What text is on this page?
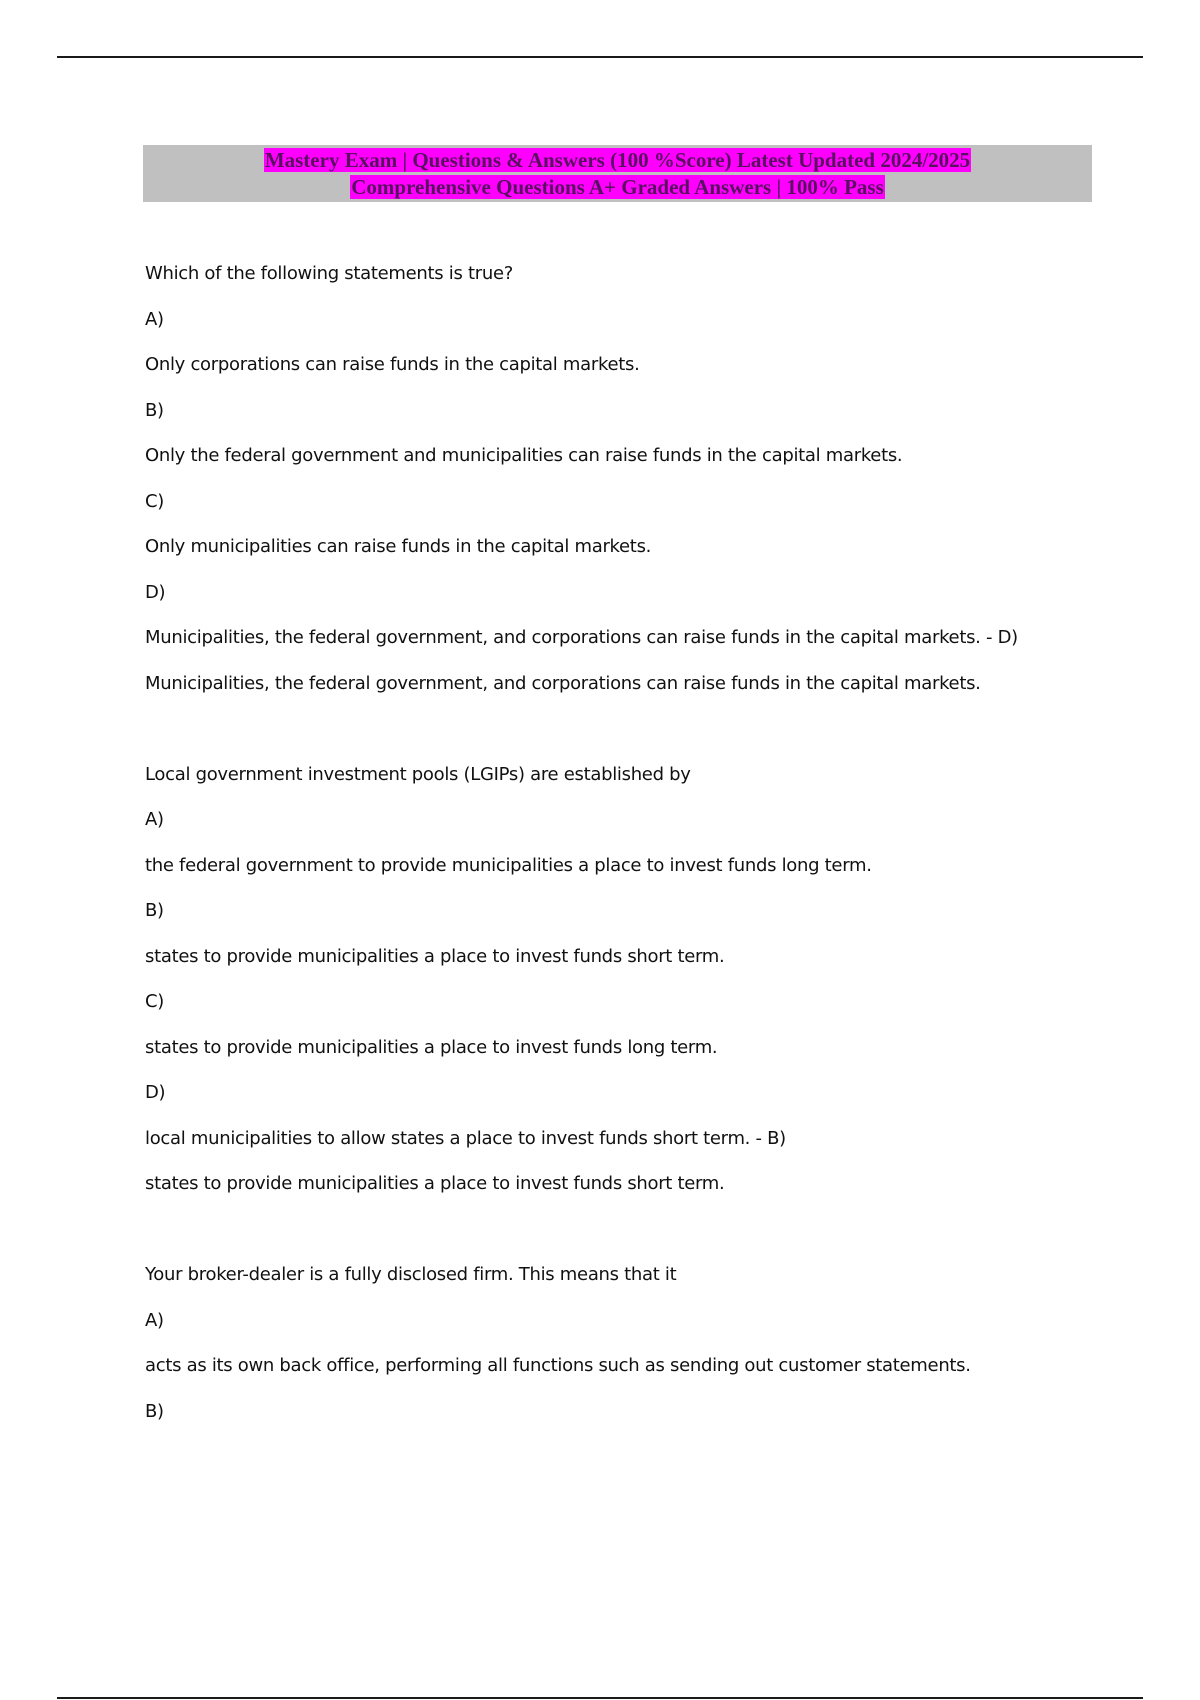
Mastery Exam | Questions & Answers (100 %Score) Latest Updated 2024/2025
Comprehensive Questions A+ Graded Answers | 100% Pass
Which of the following statements is true?
A)
Only corporations can raise funds in the capital markets.
B)
Only the federal government and municipalities can raise funds in the capital markets.
C)
Only municipalities can raise funds in the capital markets.
D)
Municipalities, the federal government, and corporations can raise funds in the capital markets. - D)
Municipalities, the federal government, and corporations can raise funds in the capital markets.
Local government investment pools (LGIPs) are established by
A)
the federal government to provide municipalities a place to invest funds long term.
B)
states to provide municipalities a place to invest funds short term.
C)
states to provide municipalities a place to invest funds long term.
D)
local municipalities to allow states a place to invest funds short term. - B)
states to provide municipalities a place to invest funds short term.
Your broker-dealer is a fully disclosed firm. This means that it
A)
acts as its own back office, performing all functions such as sending out customer statements.
B)
